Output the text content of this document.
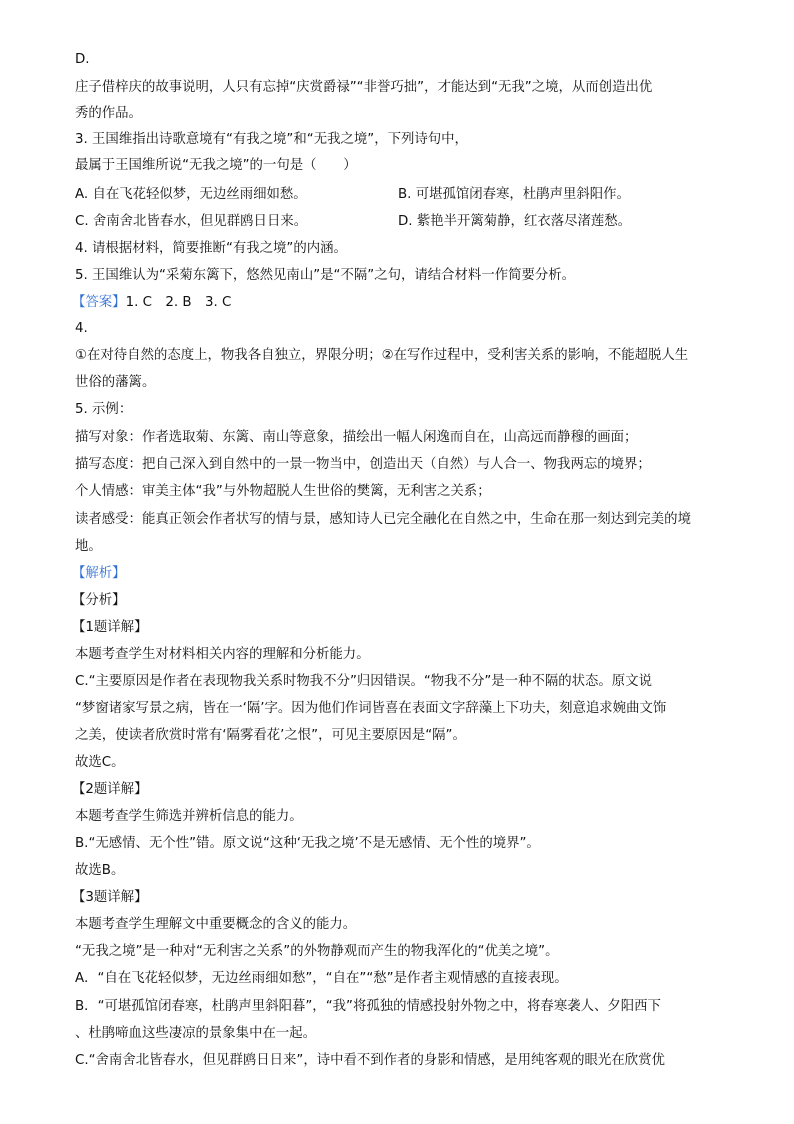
D.
庄子借梓庆的故事说明，人只有忘掉“庆赏爵禄”“非誉巧拙”，才能达到“无我”之境，从而创造出优
秀的作品。
3. 王国维指出诗歌意境有“有我之境”和“无我之境”，下列诗句中，
最属于王国维所说“无我之境”的一句是（　　）
A. 自在飞花轻似梦，无边丝雨细如愁。	B. 可堪孤馆闭春寒，杜鹃声里斜阳作。
C. 舍南舍北皆春水，但见群鸥日日来。	D. 紫艳半开篱菊静，红衣落尽渚莲愁。
4. 请根据材料，简要推断“有我之境”的内涵。
5. 王国维认为“采菊东篱下，悠然见南山”是“不隔”之句，请结合材料一作简要分析。
【答案】1. C　2. B　3. C
4.
①在对待自然的态度上，物我各自独立，界限分明；②在写作过程中，受利害关系的影响，不能超脱人生
世俗的藩篱。
5. 示例：
描写对象：作者选取菊、东篱、南山等意象，描绘出一幅人闲逸而自在，山高远而静穆的画面；
描写态度：把自己深入到自然中的一景一物当中，创造出天（自然）与人合一、物我两忘的境界；
个人情感：审美主体“我”与外物超脱人生世俗的樊篱，无利害之关系；
读者感受：能真正领会作者状写的情与景，感知诗人已完全融化在自然之中，生命在那一刻达到完美的境
地。
【解析】
【分析】
【1题详解】
本题考查学生对材料相关内容的理解和分析能力。
C.“主要原因是作者在表现物我关系时物我不分”归因错误。“物我不分”是一种不隔的状态。原文说
“梦窗诸家写景之病，皆在一‘隔’字。因为他们作词皆喜在表面文字辞藻上下功夫，刻意追求婉曲文饰
之美，使读者欣赏时常有‘隔雾看花’之恨”，可见主要原因是“隔”。
故选C。
【2题详解】
本题考查学生筛选并辨析信息的能力。
B.“无感情、无个性”错。原文说“这种‘无我之境’不是无感情、无个性的境界”。
故选B。
【3题详解】
本题考查学生理解文中重要概念的含义的能力。
“无我之境”是一种对“无利害之关系”的外物静观而产生的物我浑化的“优美之境”。
A．“自在飞花轻似梦，无边丝雨细如愁”，“自在”“愁”是作者主观情感的直接表现。
B．“可堪孤馆闭春寒，杜鹃声里斜阳暮”，“我”将孤独的情感投射外物之中，将春寒袭人、夕阳西下
、杜鹃啼血这些凄凉的景象集中在一起。
C.“舍南舍北皆春水，但见群鸥日日来”，诗中看不到作者的身影和情感，是用纯客观的眼光在欣赏优
